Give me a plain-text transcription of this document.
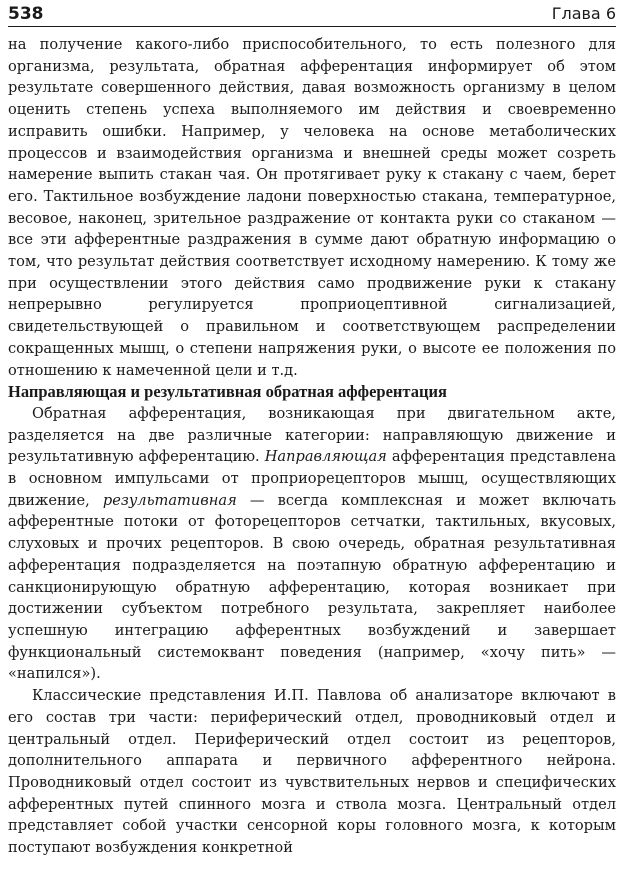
538	Глава 6

на получение какого-либо приспособительного, то есть полезного для организма, результата, обратная афферентация информирует об этом результате совершенного действия, давая возможность организму в целом оценить степень успеха выполняемого им действия и своевременно исправить ошибки. Например, у человека на основе метаболических процессов и взаимодействия организма и внешней среды может созреть намерение выпить стакан чая. Он протягивает руку к стакану с чаем, берет его. Тактильное возбуждение ладони поверхностью стакана, температурное, весовое, наконец, зрительное раздражение от контакта руки со стаканом — все эти афферентные раздражения в сумме дают обратную информацию о том, что результат действия соответствует исходному намерению. К тому же при осуществлении этого действия само продвижение руки к стакану непрерывно регулируется проприоцептивной сигнализацией, свидетельствующей о правильном и соответствующем распределении сокращенных мышц, о степени напряжения руки, о высоте ее положения по отношению к намеченной цели и т.д.

Направляющая и результативная обратная афферентация

Обратная афферентация, возникающая при двигательном акте, разделяется на две различные категории: направляющую движение и результативную афферентацию. Направляющая афферентация представлена в основном импульсами от проприорецепторов мышц, осуществляющих движение, результативная — всегда комплексная и может включать афферентные потоки от фоторецепторов сетчатки, тактильных, вкусовых, слуховых и прочих рецепторов. В свою очередь, обратная результативная афферентация подразделяется на поэтапную обратную афферентацию и санкционирующую обратную афферентацию, которая возникает при достижении субъектом потребного результата, закрепляет наиболее успешную интеграцию афферентных возбуждений и завершает функциональный системоквант поведения (например, «хочу пить» — «напился»).

Классические представления И.П. Павлова об анализаторе включают в его состав три части: периферический отдел, проводниковый отдел и центральный отдел. Периферический отдел состоит из рецепторов, дополнительного аппарата и первичного афферентного нейрона. Проводниковый отдел состоит из чувствительных нервов и специфических афферентных путей спинного мозга и ствола мозга. Центральный отдел представляет собой участки сенсорной коры головного мозга, к которым поступают возбуждения конкретной
